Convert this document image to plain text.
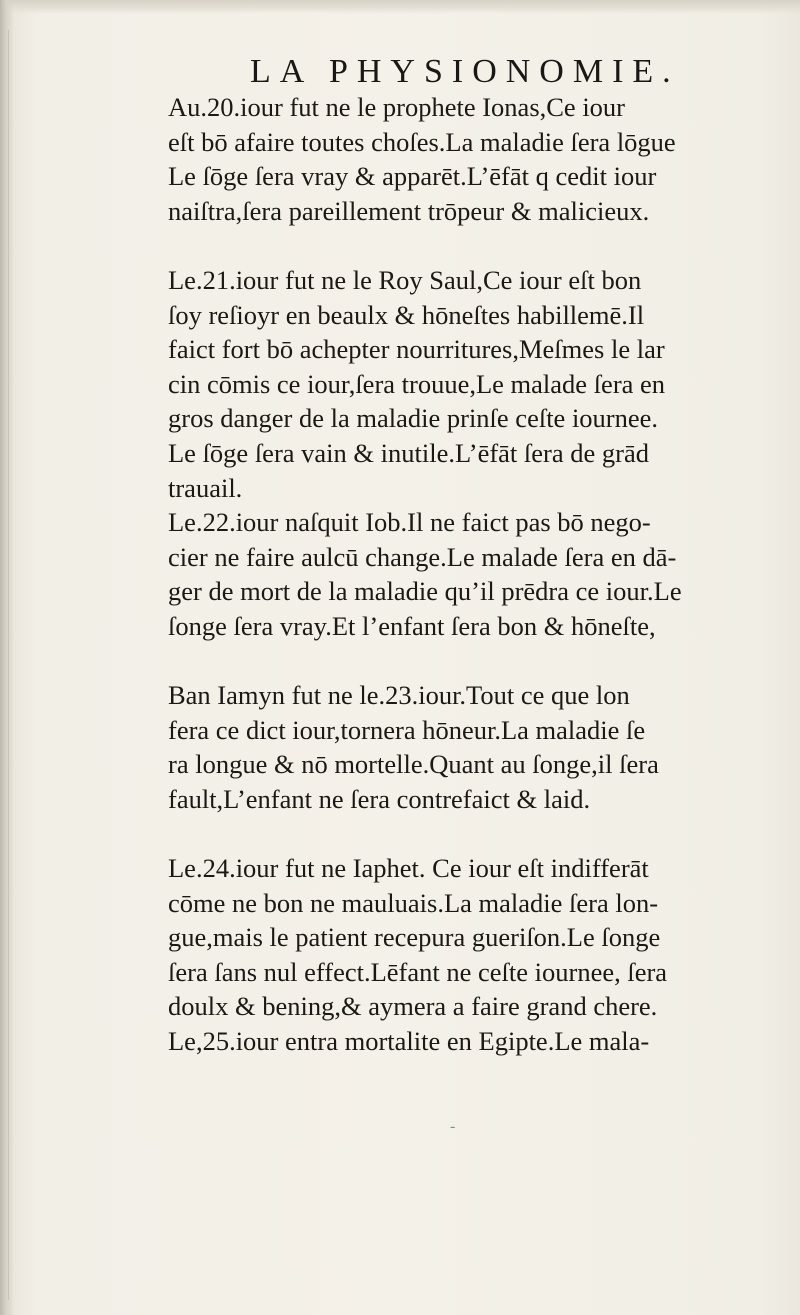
LA PHYSIONOMIE.
Au.20.iour fut ne le prophete Ionas,Ce iour
eſt bō afaire toutes choſes.La maladie ſera lōgue
Le ſōge ſera vray & apparēt.L’ēfāt q cedit iour
naiſtra,ſera pareillement trōpeur & malicieux.
Le.21.iour fut ne le Roy Saul,Ce iour eſt bon
ſoy reſioyr en beaulx & hōneſtes habillemē.Il
faict fort bō achepter nourritures,Meſmes le lar
cin cōmis ce iour,ſera trouue,Le malade ſera en
gros danger de la maladie prinſe ceſte iournee.
Le ſōge ſera vain & inutile.L’ēfāt ſera de grād
trauail.
Le.22.iour naſquit Iob.Il ne faict pas bō nego-
cier ne faire aulcū change.Le malade ſera en dā-
ger de mort de la maladie qu’il prēdra ce iour.Le
ſonge ſera vray.Et l’enfant ſera bon & hōneſte,
Ban Iamyn fut ne le.23.iour.Tout ce que lon
fera ce dict iour,tornera hōneur.La maladie ſe
ra longue & nō mortelle.Quant au ſonge,il ſera
fault,L’enfant ne ſera contrefaict & laid.
Le.24.iour fut ne Iaphet. Ce iour eſt indifferāt
cōme ne bon ne mauluais.La maladie ſera lon-
gue,mais le patient recepura gueriſon.Le ſonge
ſera ſans nul effect.Lēfant ne ceſte iournee, ſera
doulx & bening,& aymera a faire grand chere.
Le,25.iour entra mortalite en Egipte.Le mala-
-
